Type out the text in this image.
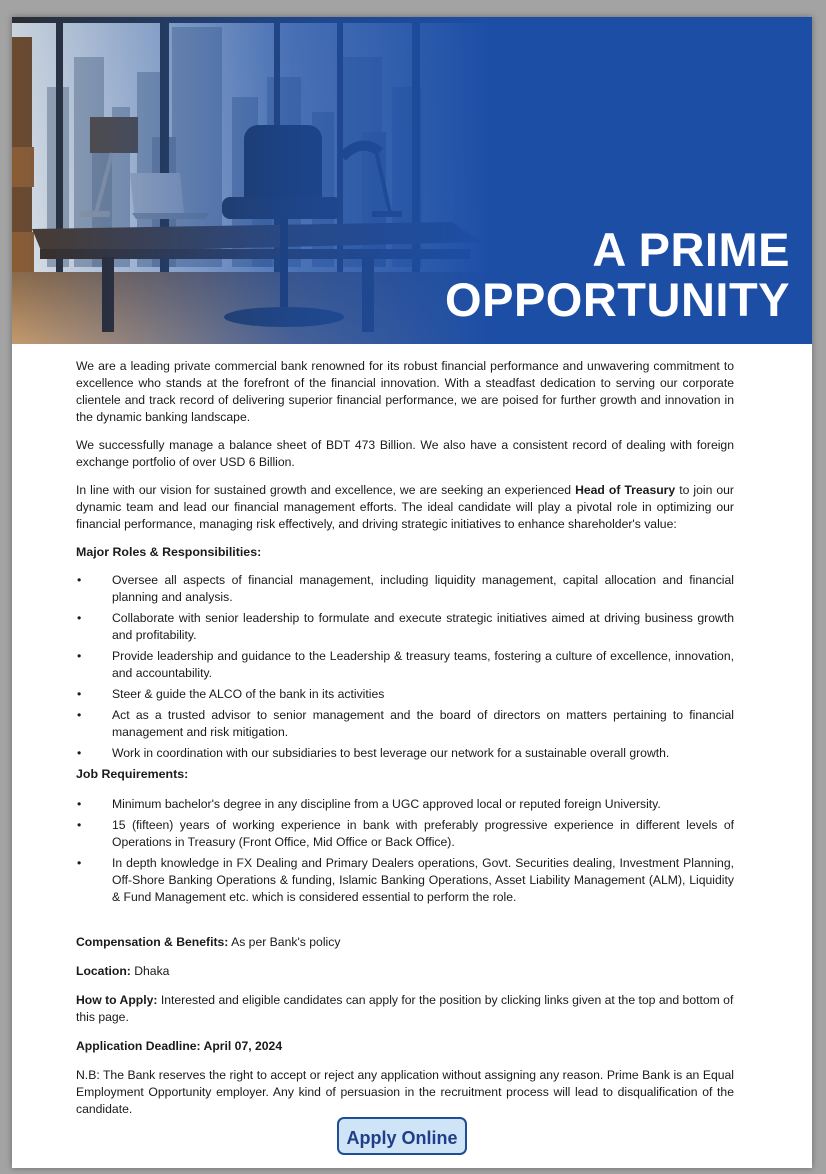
A PRIME
OPPORTUNITY

We are a leading private commercial bank renowned for its robust financial performance and unwavering commitment to excellence who stands at the forefront of the financial innovation. With a steadfast dedication to serving our corporate clientele and track record of delivering superior financial performance, we are poised for further growth and innovation in the dynamic banking landscape.

We successfully manage a balance sheet of BDT 473 Billion. We also have a consistent record of dealing with foreign exchange portfolio of over USD 6 Billion.

In line with our vision for sustained growth and excellence, we are seeking an experienced Head of Treasury to join our dynamic team and lead our financial management efforts. The ideal candidate will play a pivotal role in optimizing our financial performance, managing risk effectively, and driving strategic initiatives to enhance shareholder's value:

Major Roles & Responsibilities:
•	Oversee all aspects of financial management, including liquidity management, capital allocation and financial planning and analysis.
•	Collaborate with senior leadership to formulate and execute strategic initiatives aimed at driving business growth and profitability.
•	Provide leadership and guidance to the Leadership & treasury teams, fostering a culture of excellence, innovation, and accountability.
•	Steer & guide the ALCO of the bank in its activities
•	Act as a trusted advisor to senior management and the board of directors on matters pertaining to financial management and risk mitigation.
•	Work in coordination with our subsidiaries to best leverage our network for a sustainable overall growth.
Job Requirements:
•	Minimum bachelor's degree in any discipline from a UGC approved local or reputed foreign University.
•	15 (fifteen) years of working experience in bank with preferably progressive experience in different levels of Operations in Treasury (Front Office, Mid Office or Back Office).
•	In depth knowledge in FX Dealing and Primary Dealers operations, Govt. Securities dealing, Investment Planning, Off-Shore Banking Operations & funding, Islamic Banking Operations, Asset Liability Management (ALM), Liquidity & Fund Management etc. which is considered essential to perform the role.
Compensation & Benefits: As per Bank's policy
Location: Dhaka
How to Apply: Interested and eligible candidates can apply for the position by clicking links given at the top and bottom of this page.
Application Deadline: April 07, 2024

N.B: The Bank reserves the right to accept or reject any application without assigning any reason. Prime Bank is an Equal Employment Opportunity employer. Any kind of persuasion in the recruitment process will lead to disqualification of the candidate.

Apply Online
